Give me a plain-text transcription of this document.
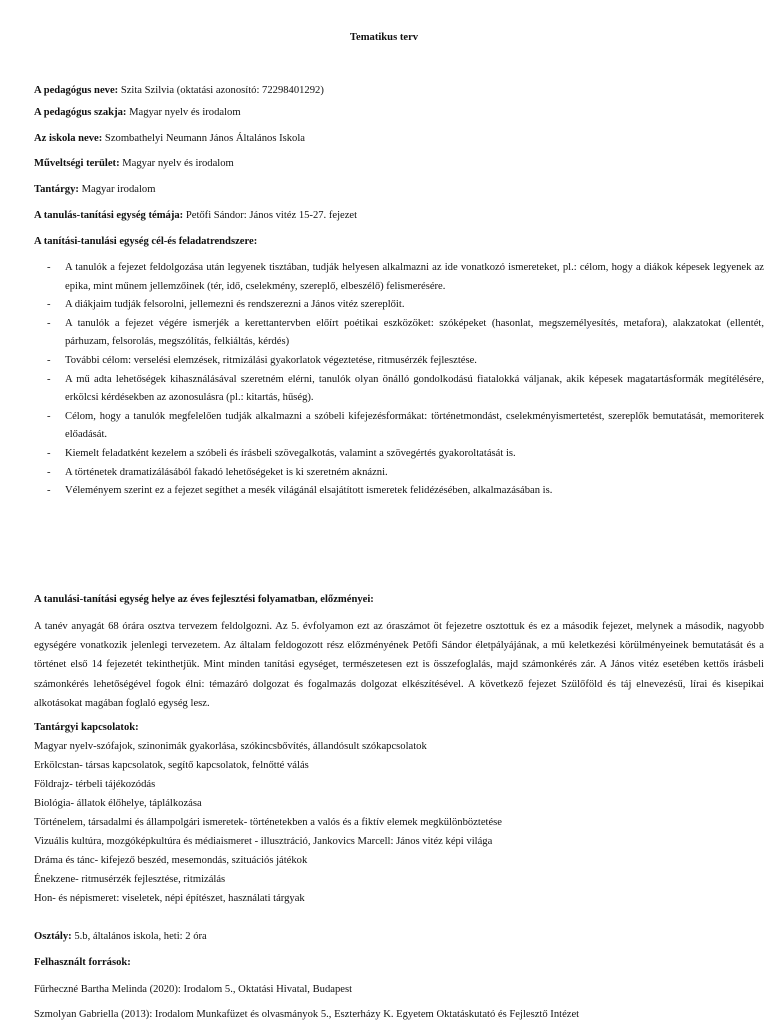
Tematikus terv
A pedagógus neve: Szita Szilvia (oktatási azonosító: 72298401292)
A pedagógus szakja: Magyar nyelv és irodalom
Az iskola neve: Szombathelyi Neumann János Általános Iskola
Műveltségi terület: Magyar nyelv és irodalom
Tantárgy: Magyar irodalom
A tanulás-tanítási egység témája: Petőfi Sándor: János vitéz 15-27. fejezet
A tanítási-tanulási egység cél-és feladatrendszere:
- A tanulók a fejezet feldolgozása után legyenek tisztában, tudják helyesen alkalmazni az ide vonatkozó ismereteket, pl.: célom, hogy a diákok képesek legyenek az epika, mint műnem jellemzőinek (tér, idő, cselekmény, szereplő, elbeszélő) felismerésére.
- A diákjaim tudják felsorolni, jellemezni és rendszerezni a János vitéz szereplőit.
- A tanulók a fejezet végére ismerjék a kerettantervben előírt poétikai eszközöket: szóképeket (hasonlat, megszemélyesítés, metafora), alakzatokat (ellentét, párhuzam, felsorolás, megszólítás, felkiáltás, kérdés)
- További célom: verselési elemzések, ritmizálási gyakorlatok végeztetése, ritmusérzék fejlesztése.
- A mű adta lehetőségek kihasználásával szeretném elérni, tanulók olyan önálló gondolkodású fiatalokká váljanak, akik képesek magatartásformák megítélésére, erkölcsi kérdésekben az azonosulásra (pl.: kitartás, hűség).
- Célom, hogy a tanulók megfelelően tudják alkalmazni a szóbeli kifejezésformákat: történetmondást, cselekményismertetést, szereplők bemutatását, memoriterek előadását.
- Kiemelt feladatként kezelem a szóbeli és írásbeli szövegalkotás, valamint a szövegértés gyakoroltatását is.
- A történetek dramatizálásából fakadó lehetőségeket is ki szeretném aknázni.
- Véleményem szerint ez a fejezet segíthet a mesék világánál elsajátított ismeretek felidézésében, alkalmazásában is.
A tanulási-tanítási egység helye az éves fejlesztési folyamatban, előzményei:

A tanév anyagát 68 órára osztva tervezem feldolgozni. Az 5. évfolyamon ezt az óraszámot öt fejezetre osztottuk és ez a második fejezet, melynek a második, nagyobb egységére vonatkozik jelenlegi tervezetem. Az általam feldogozott rész előzményének Petőfi Sándor életpályájának, a mű keletkezési körülményeinek bemutatását és a történet első 14 fejezetét tekinthetjük. Mint minden tanítási egységet, természetesen ezt is összefoglalás, majd számonkérés zár. A János vitéz esetében kettős írásbeli számonkérés lehetőségével fogok élni: témazáró dolgozat és fogalmazás dolgozat elkészítésével. A következő fejezet Szülőföld és táj elnevezésű, lírai és kisepikai alkotásokat magában foglaló egység lesz.

Tantárgyi kapcsolatok:
Magyar nyelv-szófajok, szinonimák gyakorlása, szókincsbővítés, állandósult szókapcsolatok
Erkölcstan- társas kapcsolatok, segítő kapcsolatok, felnőtté válás
Földrajz- térbeli tájékozódás
Biológia- állatok élőhelye, táplálkozása
Történelem, társadalmi és állampolgári ismeretek- történetekben a valós és a fiktív elemek megkülönböztetése
Vizuális kultúra, mozgóképkultúra és médiaismeret - illusztráció, Jankovics Marcell: János vitéz képi világa
Dráma és tánc- kifejező beszéd, mesemondás, szituációs játékok
Énekzene- ritmusérzék fejlesztése, ritmizálás
Hon- és népismeret: viseletek, népi építészet, használati tárgyak
Osztály: 5.b, általános iskola, heti: 2 óra
Felhasznált források:
Fűrheczné Bartha Melinda (2020): Irodalom 5., Oktatási Hivatal, Budapest
Szmolyan Gabriella (2013): Irodalom Munkafüzet és olvasmányok 5., Eszterházy K. Egyetem Oktatáskutató és Fejlesztő Intézet
